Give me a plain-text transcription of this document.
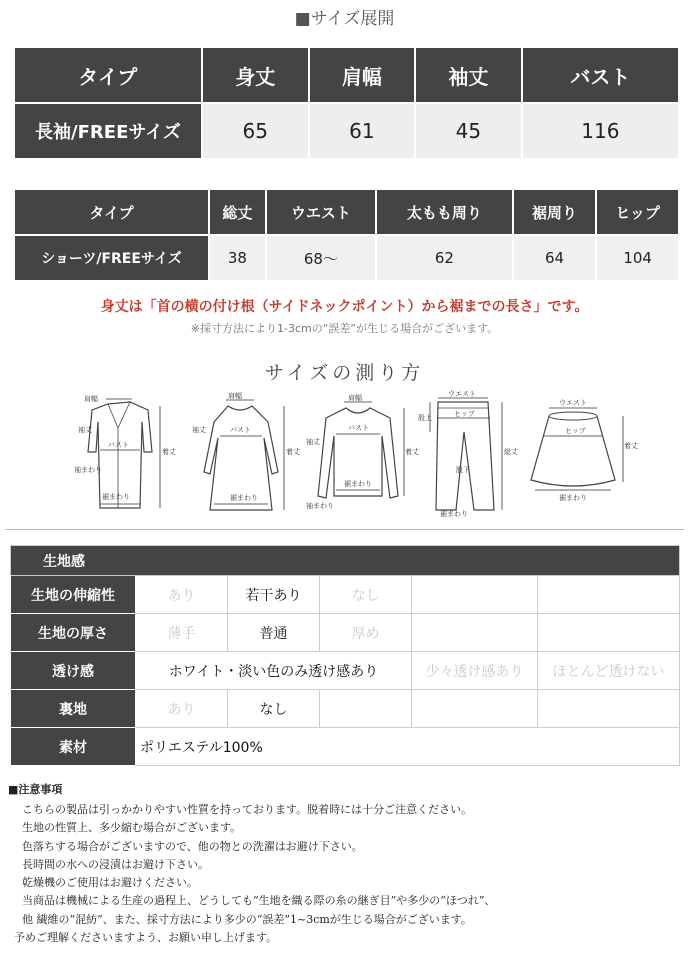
■サイズ展開
タイプ	身丈	肩幅	袖丈	バスト
長袖/FREEサイズ	65	61	45	116
タイプ	総丈	ウエスト	太もも周り	裾周り	ヒップ
ショーツ/FREEサイズ	38	68～	62	64	104
身丈は「首の横の付け根（サイドネックポイント）から裾までの長さ」です。
※採寸方法により1-3cmの“誤差”が生じる場合がございます。
サイズの測り方
肩幅
着丈
バスト
袖丈
袖まわり
裾まわり
肩幅
着丈
バスト
袖丈
裾まわり
肩幅
バスト
袖丈
着丈
袖まわり
裾まわり
ウエスト
ヒップ
股上
股下
総丈
裾まわり
ウエスト
ヒップ
着丈
裾まわり
生地感					
生地の伸縮性	あり	若干あり	なし		
生地の厚さ	薄手	普通	厚め		
透け感	ホワイト・淡い色のみ透け感あり			少々透け感あり	ほとんど透けない
裏地	あり	なし			
素材	ポリエステル100%				
■注意事項
こちらの製品は引っかかりやすい性質を持っております。脱着時には十分ご注意ください。
生地の性質上、多少縮む場合がございます。
色落ちする場合がございますので、他の物との洗濯はお避け下さい。
長時間の水への浸漬はお避け下さい。
乾燥機のご使用はお避けください。
当商品は機械による生産の過程上、どうしても“生地を織る際の糸の継ぎ目”や多少の“ほつれ”、
他 繊維の“混紡”、また、採寸方法により多少の“誤差”1~3cmが生じる場合がございます。
予めご理解くださいますよう、お願い申し上げます。
